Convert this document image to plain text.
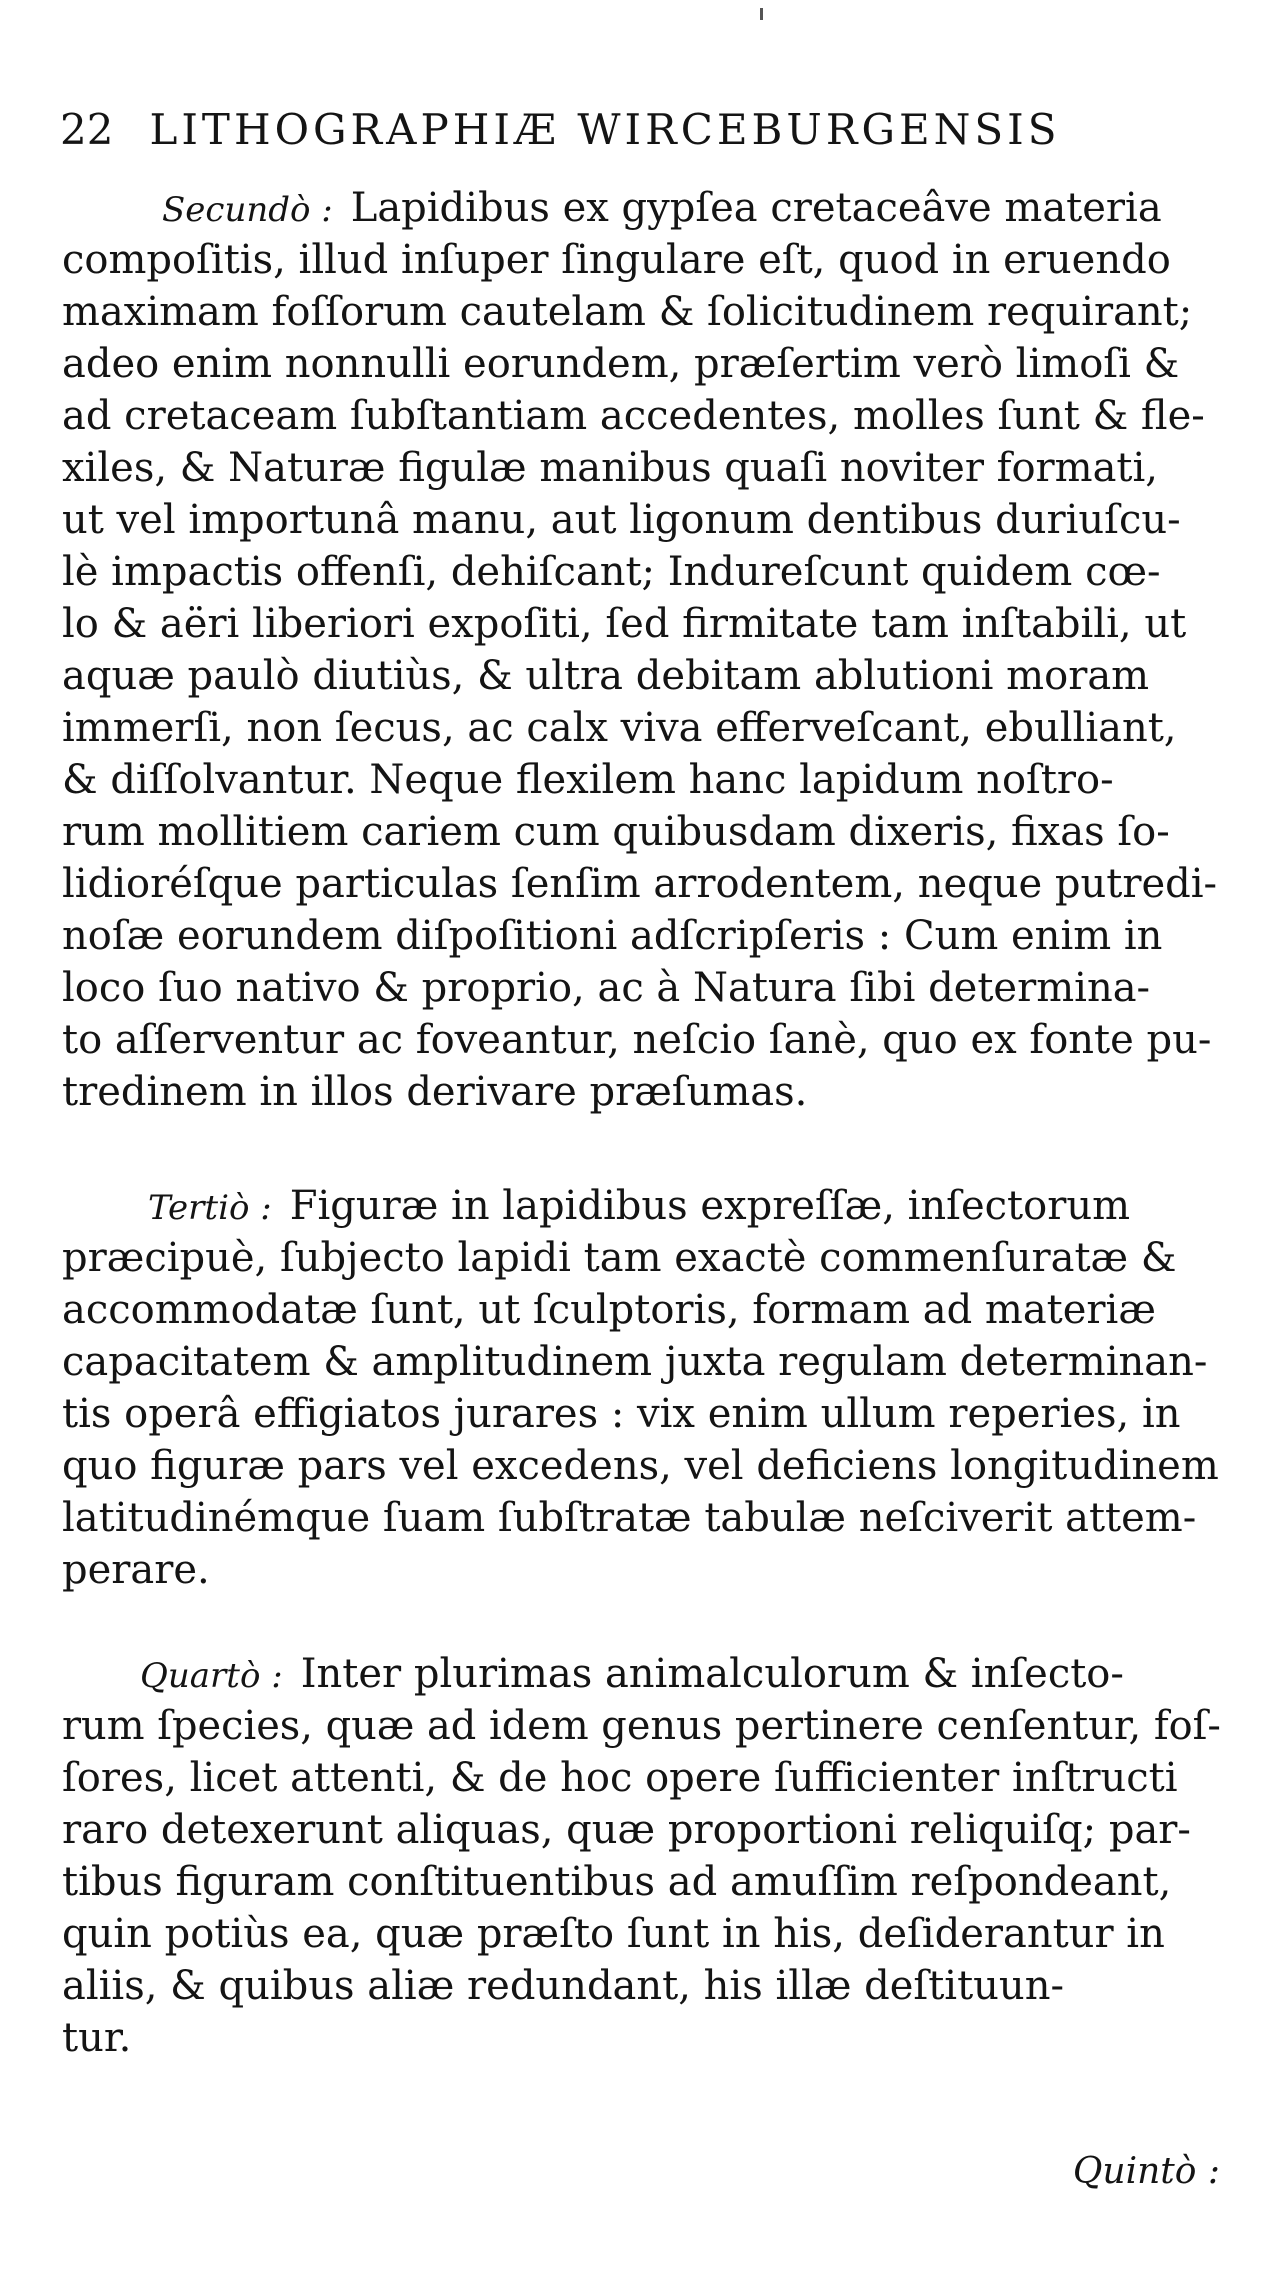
22 LITHOGRAPHIÆ WIRCEBURGENSIS
Secundò : Lapidibus ex gypſea cretaceâve materia
compoſitis, illud inſuper ſingulare eſt, quod in eruendo
maximam foſſorum cautelam & ſolicitudinem requirant;
adeo enim nonnulli eorundem, præſertim verò limoſi &
ad cretaceam ſubſtantiam accedentes, molles ſunt & fle-
xiles, & Naturæ figulæ manibus quaſi noviter formati,
ut vel importunâ manu, aut ligonum dentibus duriuſcu-
lè impactis offenſi, dehiſcant; Indureſcunt quidem cœ-
lo & aëri liberiori expoſiti, ſed firmitate tam inſtabili, ut
aquæ paulò diutiùs, & ultra debitam ablutioni moram
immerſi, non ſecus, ac calx viva efferveſcant, ebulliant,
& diſſolvantur. Neque flexilem hanc lapidum noſtro-
rum mollitiem cariem cum quibusdam dixeris, fixas ſo-
lidioréſque particulas ſenſim arrodentem, neque putredi-
noſæ eorundem diſpoſitioni adſcripſeris : Cum enim in
loco ſuo nativo & proprio, ac à Natura ſibi determina-
to aſſerventur ac foveantur, neſcio ſanè, quo ex fonte pu-
tredinem in illos derivare præſumas.
Tertiò : Figuræ in lapidibus expreſſæ, inſectorum
præcipuè, ſubjecto lapidi tam exactè commenſuratæ &
accommodatæ ſunt, ut ſculptoris, formam ad materiæ
capacitatem & amplitudinem juxta regulam determinan-
tis operâ effigiatos jurares : vix enim ullum reperies, in
quo figuræ pars vel excedens, vel deficiens longitudinem
latitudinémque ſuam ſubſtratæ tabulæ neſciverit attem-
perare.
Quartò : Inter plurimas animalculorum & inſecto-
rum ſpecies, quæ ad idem genus pertinere cenſentur, foſ-
ſores, licet attenti, & de hoc opere ſufficienter inſtructi
raro detexerunt aliquas, quæ proportioni reliquiſq; par-
tibus figuram conſtituentibus ad amuſſim reſpondeant,
quin potiùs ea, quæ præſto ſunt in his, deſiderantur in
aliis, & quibus aliæ redundant, his illæ deſtituun-
tur.
Quintò :
